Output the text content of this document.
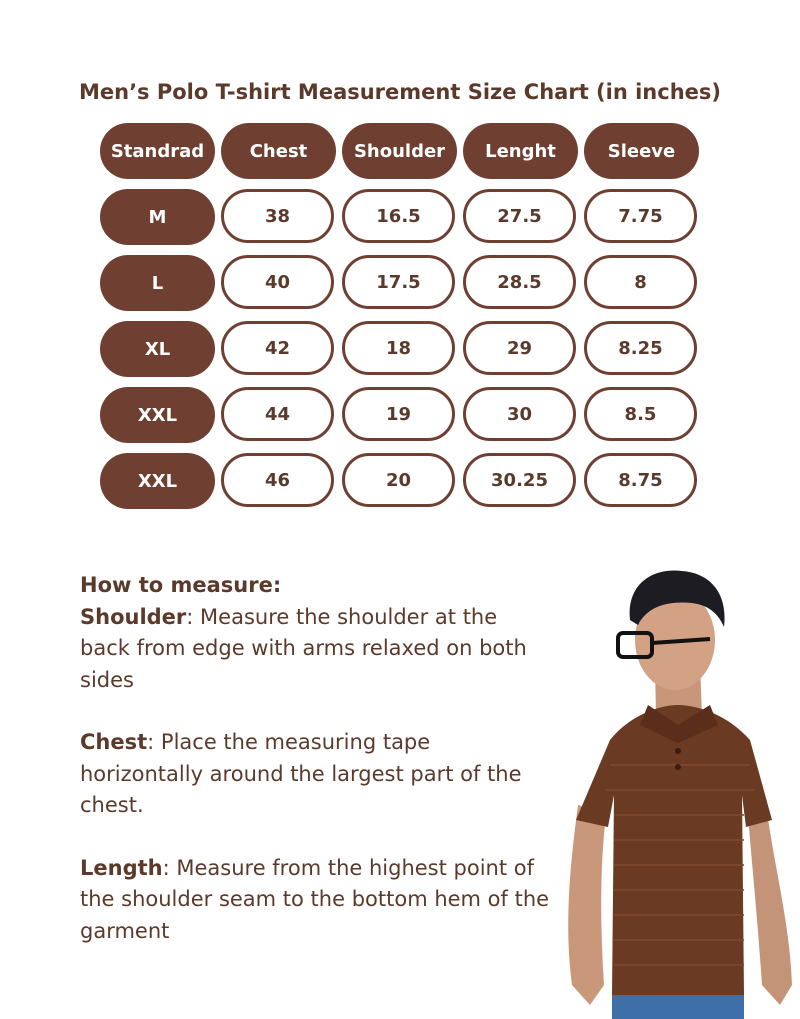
Men’s Polo T-shirt Measurement Size Chart (in inches)
Standrad	Chest	Shoulder	Lenght	Sleeve
M	38	16.5	27.5	7.75
L	40	17.5	28.5	8
XL	42	18	29	8.25
XXL	44	19	30	8.5
XXL	46	20	30.25	8.75

How to measure:
Shoulder: Measure the shoulder at the back from edge with arms relaxed on both sides

Chest: Place the measuring tape horizontally around the largest part of the chest.

Length: Measure from the highest point of the shoulder seam to the bottom hem of the garment
